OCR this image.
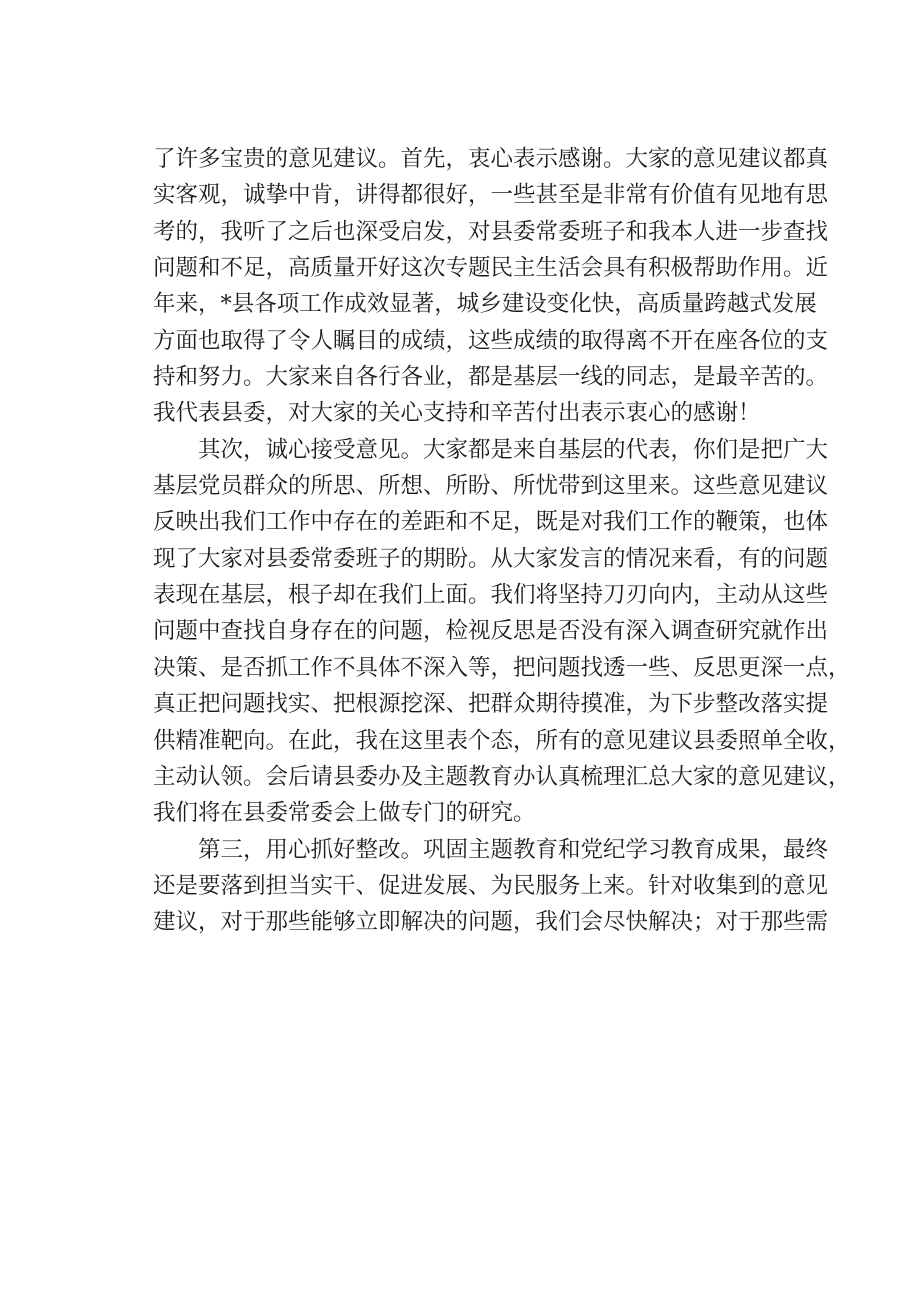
了许多宝贵的意见建议。首先，衷心表示感谢。大家的意见建议都真
实客观，诚挚中肯，讲得都很好，一些甚至是非常有价值有见地有思
考的，我听了之后也深受启发，对县委常委班子和我本人进一步查找
问题和不足，高质量开好这次专题民主生活会具有积极帮助作用。近
年来，*县各项工作成效显著，城乡建设变化快，高质量跨越式发展
方面也取得了令人瞩目的成绩，这些成绩的取得离不开在座各位的支
持和努力。大家来自各行各业，都是基层一线的同志，是最辛苦的。
我代表县委，对大家的关心支持和辛苦付出表示衷心的感谢！
其次，诚心接受意见。大家都是来自基层的代表，你们是把广大
基层党员群众的所思、所想、所盼、所忧带到这里来。这些意见建议
反映出我们工作中存在的差距和不足，既是对我们工作的鞭策，也体
现了大家对县委常委班子的期盼。从大家发言的情况来看，有的问题
表现在基层，根子却在我们上面。我们将坚持刀刃向内，主动从这些
问题中查找自身存在的问题，检视反思是否没有深入调查研究就作出
决策、是否抓工作不具体不深入等，把问题找透一些、反思更深一点，
真正把问题找实、把根源挖深、把群众期待摸准，为下步整改落实提
供精准靶向。在此，我在这里表个态，所有的意见建议县委照单全收，
主动认领。会后请县委办及主题教育办认真梳理汇总大家的意见建议，
我们将在县委常委会上做专门的研究。
第三，用心抓好整改。巩固主题教育和党纪学习教育成果，最终
还是要落到担当实干、促进发展、为民服务上来。针对收集到的意见
建议，对于那些能够立即解决的问题，我们会尽快解决；对于那些需
